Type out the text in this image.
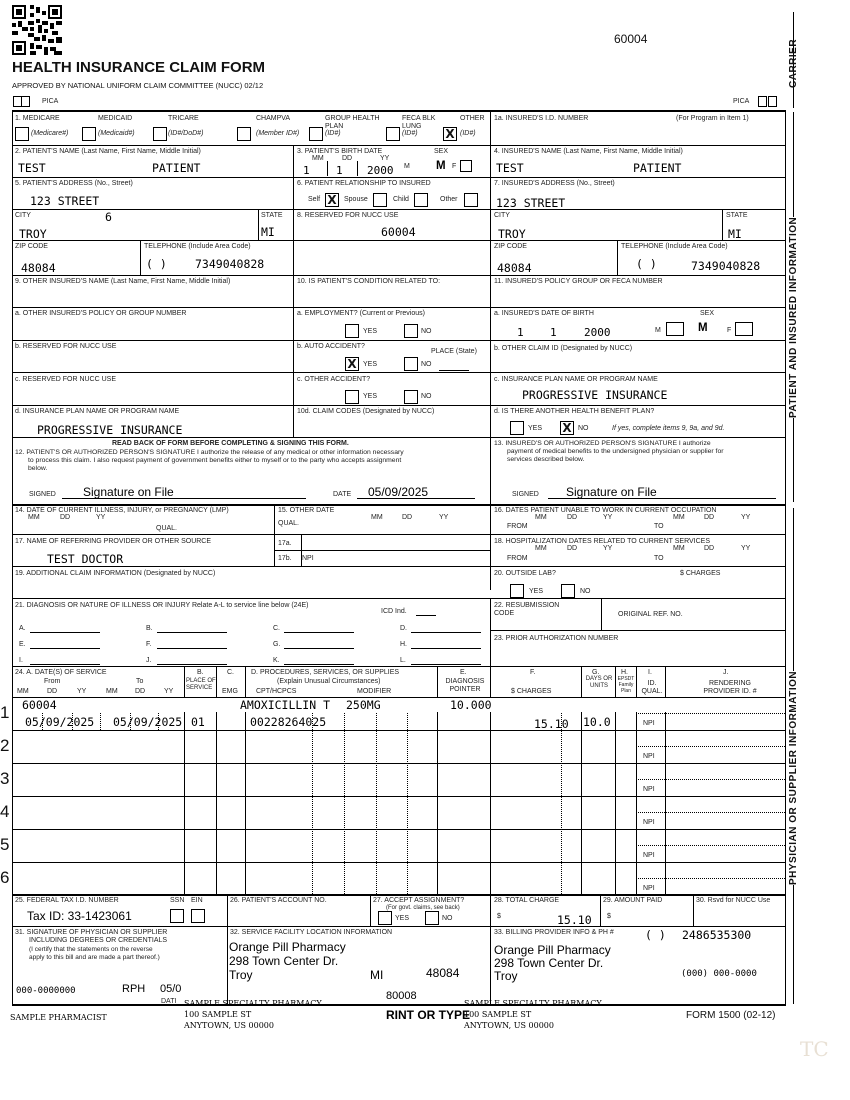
60004
HEALTH INSURANCE CLAIM FORM
APPROVED BY NATIONAL UNIFORM CLAIM COMMITTEE (NUCC) 02/12
PICA	PICA
CARRIER
PATIENT AND INSURED INFORMATION
PHYSICIAN OR SUPPLIER INFORMATION
1. MEDICARE	MEDICAID	TRICARE	CHAMPVA	GROUP HEALTH PLAN
FECA BLK LUNG
OTHER
(Medicare#)	(Medicaid#)	(ID#/DoD#)	(Member ID#)	(ID#)	(ID#)	(ID#)
X
1a. INSURED'S I.D. NUMBER	(For Program in Item 1)
2. PATIENT'S NAME (Last Name, First Name, Middle Initial)
TEST	PATIENT
3. PATIENT'S BIRTH DATE
MM	DD	YY
SEX
1 1 2000 M M F
4. INSURED'S NAME (Last Name, First Name, Middle Initial)
TEST	PATIENT
5. PATIENT'S ADDRESS (No., Street)
123 STREET
6. PATIENT RELATIONSHIP TO INSURED
Self X	Spouse	Child	Other
7. INSURED'S ADDRESS (No., Street)
123 STREET
CITY	6
TROY
STATE
MI
8. RESERVED FOR NUCC USE
60004
CITY
TROY
STATE
MI
ZIP CODE
48084
TELEPHONE (Include Area Code)
( ) 7349040828
ZIP CODE
48084
TELEPHONE (Include Area Code)
( )	7349040828
9. OTHER INSURED'S NAME (Last Name, First Name, Middle Initial)	10. IS PATIENT'S CONDITION RELATED TO:	11. INSURED'S POLICY GROUP OR FECA NUMBER
a. OTHER INSURED'S POLICY OR GROUP NUMBER	a. EMPLOYMENT? (Current or Previous)
YES	NO
a. INSURED'S DATE OF BIRTH
1 1 2000
SEX
M	M	F
b. RESERVED FOR NUCC USE	b. AUTO ACCIDENT?
PLACE (State)
X YES	NO
b. OTHER CLAIM ID (Designated by NUCC)
c. RESERVED FOR NUCC USE	c. OTHER ACCIDENT?
YES	NO
c. INSURANCE PLAN NAME OR PROGRAM NAME
PROGRESSIVE INSURANCE
d. INSURANCE PLAN NAME OR PROGRAM NAME
PROGRESSIVE INSURANCE
10d. CLAIM CODES (Designated by NUCC)	d. IS THERE ANOTHER HEALTH BENEFIT PLAN?
YES X NO	If yes, complete items 9, 9a, and 9d.
READ BACK OF FORM BEFORE COMPLETING & SIGNING THIS FORM.
12. PATIENT'S OR AUTHORIZED PERSON'S SIGNATURE I authorize the release of any medical or other information necessary
to process this claim. I also request payment of government benefits either to myself or to the party who accepts assignment
below.
SIGNED Signature on File	DATE 05/09/2025
13. INSURED'S OR AUTHORIZED PERSON'S SIGNATURE I authorize
payment of medical benefits to the undersigned physician or supplier for
services described below.
SIGNED Signature on File
14. DATE OF CURRENT ILLNESS, INJURY, or PREGNANCY (LMP)
MM	DD	YY
QUAL.
15. OTHER DATE
QUAL.
MM	DD	YY
16. DATES PATIENT UNABLE TO WORK IN CURRENT OCCUPATION
FROM	TO
MM	DD	YY	MM	DD	YY
17. NAME OF REFERRING PROVIDER OR OTHER SOURCE
TEST DOCTOR
17a.
17b. NPI
18. HOSPITALIZATION DATES RELATED TO CURRENT SERVICES
FROM	TO
MM	DD	YY	MM	DD	YY
19. ADDITIONAL CLAIM INFORMATION (Designated by NUCC)	20. OUTSIDE LAB?	$ CHARGES
YES	NO
21. DIAGNOSIS OR NATURE OF ILLNESS OR INJURY Relate A-L to service line below (24E)
ICD Ind.
A.	B.	C.	D.
E.	F.	G.	H.
I.	J.	K.	L.
22. RESUBMISSION CODE	ORIGINAL REF. NO.
23. PRIOR AUTHORIZATION NUMBER
24. A. DATE(S) OF SERVICE
From	To
MM	DD	YY	MM DD	YY
B.
PLACE OF SERVICE
C.
EMG
D. PROCEDURES, SERVICES, OR SUPPLIES
(Explain Unusual Circumstances)
CPT/HCPCS	MODIFIER
E.
DIAGNOSIS POINTER
F.
$ CHARGES
G.
DAYS OR UNITS
H.
EPSDT Family Plan
I.
ID. QUAL.
J.
RENDERING PROVIDER ID. #
1
2
3
4
5
6
NPI
NPI
NPI
NPI
NPI
NPI
60004	AMOXICILLIN T 250MG	10.000
05/09/2025 05/09/2025 01	00228264025	15.10 10.0
25. FEDERAL TAX I.D. NUMBER	SSN EIN
Tax ID: 33-1423061
26. PATIENT'S ACCOUNT NO.	27. ACCEPT ASSIGNMENT?
(For govt. claims, see back)
YES	NO
28. TOTAL CHARGE
$	15.10
29. AMOUNT PAID
$
30. Rsvd for NUCC Use
31. SIGNATURE OF PHYSICIAN OR SUPPLIER
INCLUDING DEGREES OR CREDENTIALS
(I certify that the statements on the reverse
apply to this bill and are made a part thereof.)
000-0000000	RPH 05/0
SAMPLE PHARMACIST
DATI
32. SERVICE FACILITY LOCATION INFORMATION
Orange Pill Pharmacy
298 Town Center Dr.
Troy	MI	48084
80008
RINT OR TYPE
SAMPLE SPECIALTY PHARMACY
100 SAMPLE ST
ANYTOWN, US 00000
33. BILLING PROVIDER INFO & PH #	( ) 2486535300
Orange Pill Pharmacy
298 Town Center Dr.
Troy	(000) 000-0000
SAMPLE SPECIALTY PHARMACY
100 SAMPLE ST
ANYTOWN, US 00000
FORM 1500 (02-12)
TC
